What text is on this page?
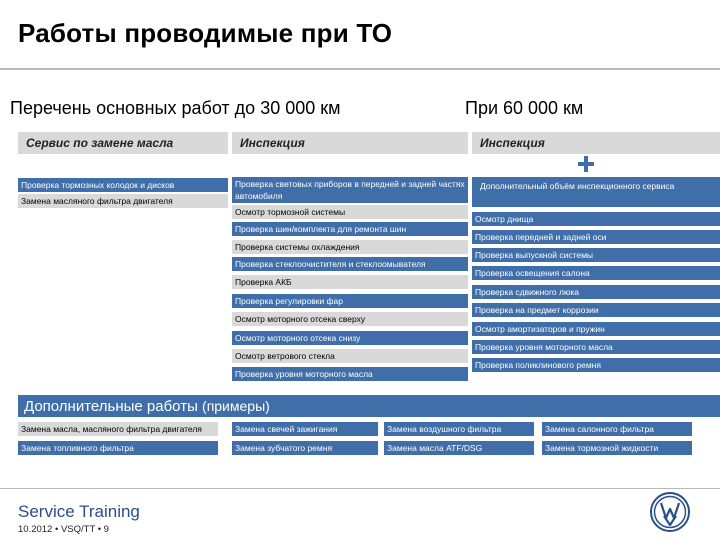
Работы проводимые при ТО
Перечень основных работ до 30 000 км	При 60 000 км
Сервис по замене масла
Проверка тормозных колодок и дисков
Замена масляного фильтра двигателя
Инспекция
Проверка световых приборов в передней и задней частях автомобиля
Осмотр тормозной системы
Проверка шин/комплекта для ремонта шин
Проверка системы охлаждения
Проверка стеклоочистителя и стеклоомывателя
Проверка АКБ
Проверка регулировки фар
Осмотр моторного отсека сверху
Осмотр моторного отсека снизу
Осмотр ветрового стекла
Проверка уровня моторного масла
Инспекция
Дополнительный объём инспекционного сервиса
Осмотр днища
Проверка передней и задней оси
Проверка выпускной системы
Проверка освещения салона
Проверка сдвижного люка
Проверка на предмет коррозии
Осмотр амортизаторов и пружин
Проверка уровня моторного масла
Проверка поликлинового ремня
Дополнительные работы (примеры)
Замена масла, масляного фильтра двигателя	Замена свечей зажигания	Замена воздушного фильтра	Замена салонного фильтра
Замена топливного фильтра	Замена зубчатого ремня	Замена масла ATF/DSG	Замена тормозной жидкости
Service Training
10.2012 • VSQ/TT • 9
